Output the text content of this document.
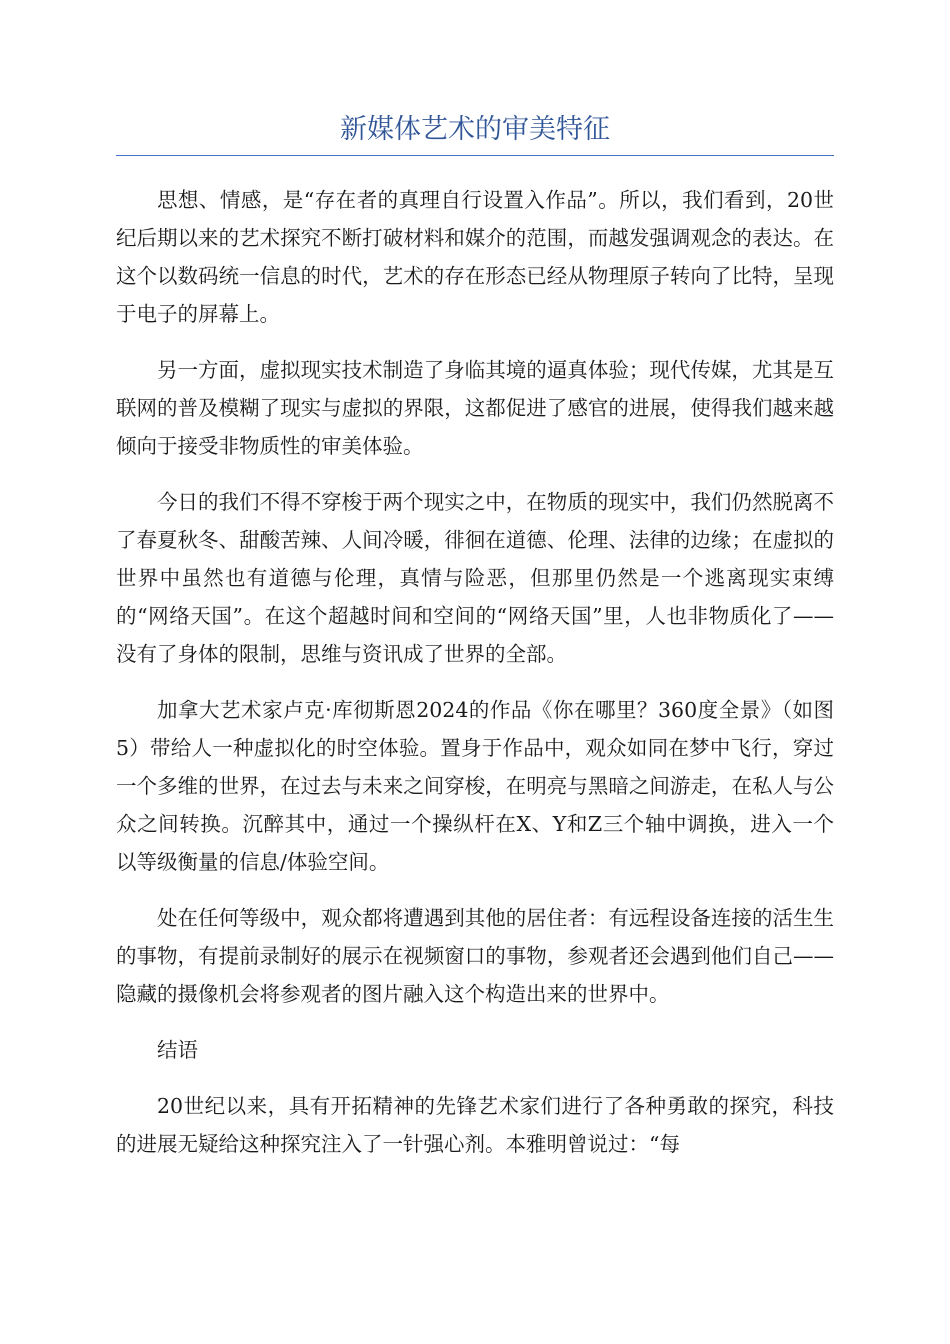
新媒体艺术的审美特征

思想、情感，是“存在者的真理自行设置入作品”。所以，我们看到，20世纪后期以来的艺术探究不断打破材料和媒介的范围，而越发强调观念的表达。在这个以数码统一信息的时代，艺术的存在形态已经从物理原子转向了比特，呈现于电子的屏幕上。

另一方面，虚拟现实技术制造了身临其境的逼真体验；现代传媒，尤其是互联网的普及模糊了现实与虚拟的界限，这都促进了感官的进展，使得我们越来越倾向于接受非物质性的审美体验。

今日的我们不得不穿梭于两个现实之中，在物质的现实中，我们仍然脱离不了春夏秋冬、甜酸苦辣、人间冷暖，徘徊在道德、伦理、法律的边缘；在虚拟的世界中虽然也有道德与伦理，真情与险恶，但那里仍然是一个逃离现实束缚的“网络天国”。在这个超越时间和空间的“网络天国”里，人也非物质化了——没有了身体的限制，思维与资讯成了世界的全部。

加拿大艺术家卢克·库彻斯恩2024的作品《你在哪里？360度全景》（如图5）带给人一种虚拟化的时空体验。置身于作品中，观众如同在梦中飞行，穿过一个多维的世界，在过去与未来之间穿梭，在明亮与黑暗之间游走，在私人与公众之间转换。沉醉其中，通过一个操纵杆在X、Y和Z三个轴中调换，进入一个以等级衡量的信息/体验空间。

处在任何等级中，观众都将遭遇到其他的居住者：有远程设备连接的活生生的事物，有提前录制好的展示在视频窗口的事物，参观者还会遇到他们自己——隐藏的摄像机会将参观者的图片融入这个构造出来的世界中。

结语

20世纪以来，具有开拓精神的先锋艺术家们进行了各种勇敢的探究，科技的进展无疑给这种探究注入了一针强心剂。本雅明曾说过：“每
